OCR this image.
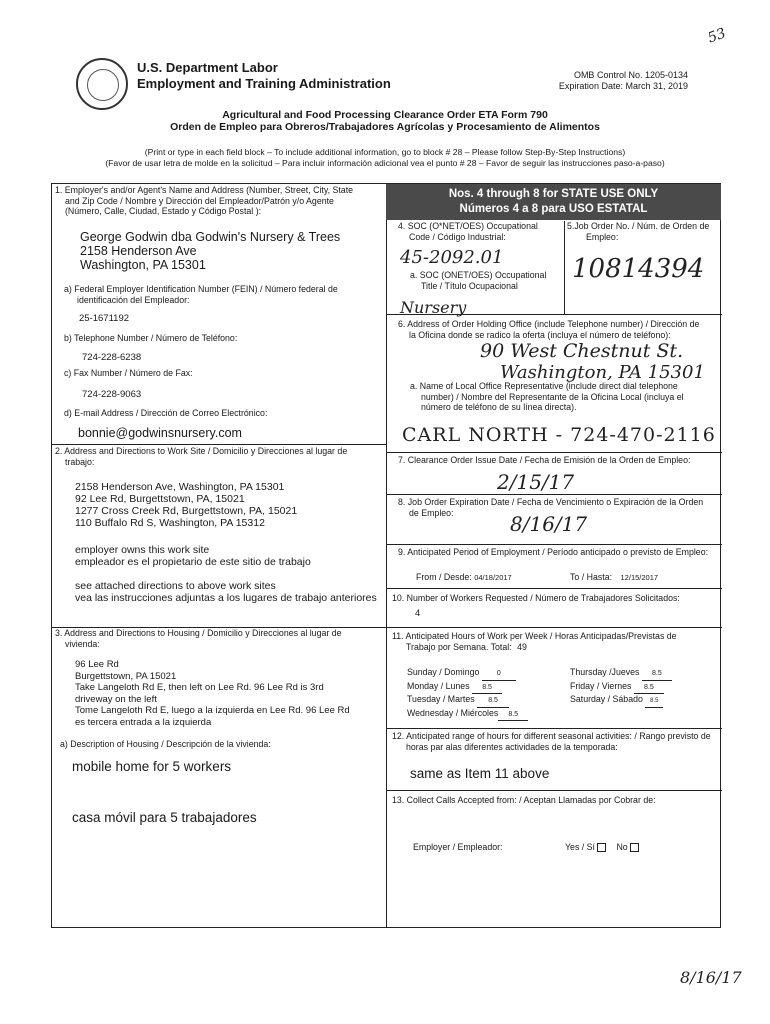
53
U.S. Department Labor
Employment and Training Administration
OMB Control No. 1205-0134
Expiration Date: March 31, 2019
Agricultural and Food Processing Clearance Order ETA Form 790
Orden de Empleo para Obreros/Trabajadores Agrícolas y Procesamiento de Alimentos
(Print or type in each field block – To include additional information, go to block # 28 – Please follow Step-By-Step Instructions)
(Favor de usar letra de molde en la solicitud – Para incluir información adicional vea el punto # 28 – Favor de seguir las instrucciones paso-a-paso)
1. Employer's and/or Agent's Name and Address (Number, Street, City, State
and Zip Code / Nombre y Dirección del Empleador/Patrón y/o Agente
(Número, Calle, Ciudad, Estado y Código Postal ):
George Godwin dba Godwin's Nursery & Trees
2158 Henderson Ave
Washington, PA 15301
a) Federal Employer Identification Number (FEIN) / Número federal de
identificación del Empleador:
25-1671192
b) Telephone Number / Número de Teléfono:
724-228-6238
c) Fax Number / Número de Fax:
724-228-9063
d) E-mail Address / Dirección de Correo Electrónico:
bonnie@godwinsnursery.com
2. Address and Directions to Work Site / Domicilio y Direcciones al lugar de
trabajo:
2158 Henderson Ave, Washington, PA 15301
92 Lee Rd, Burgettstown, PA, 15021
1277 Cross Creek Rd, Burgettstown, PA, 15021
110 Buffalo Rd S, Washington, PA 15312
employer owns this work site
empleador es el propietario de este sitio de trabajo
see attached directions to above work sites
vea las instrucciones adjuntas a los lugares de trabajo anteriores
3. Address and Directions to Housing / Domicilio y Direcciones al lugar de
vivienda:
96 Lee Rd
Burgettstown, PA 15021
Take Langeloth Rd E, then left on Lee Rd. 96 Lee Rd is 3rd
driveway on the left
Tome Langeloth Rd E, luego a la izquierda en Lee Rd. 96 Lee Rd
es tercera entrada a la izquierda
a) Description of Housing / Descripción de la vivienda:
mobile home for 5 workers
casa móvil para 5 trabajadores
Nos. 4 through 8 for STATE USE ONLY
Números 4 a 8 para USO ESTATAL
4. SOC (O*NET/OES) Occupational
Code / Código Industrial:
45-2092.01
a. SOC (ONET/OES) Occupational
Title / Título Ocupacional
Nursery
5.Job Order No. / Núm. de Orden de
Empleo:
10814394
6. Address of Order Holding Office (include Telephone number) / Dirección de
la Oficina donde se radico la oferta (incluya el número de teléfono):
90 West Chestnut St.
Washington, PA 15301
a. Name of Local Office Representative (include direct dial telephone
number) / Nombre del Representante de la Oficina Local (incluya el
número de teléfono de su línea directa).
CARL NORTH - 724-470-2116
7. Clearance Order Issue Date / Fecha de Emisión de la Orden de Empleo:
2/15/17
8. Job Order Expiration Date / Fecha de Vencimiento o Expiración de la Orden
de Empleo:	8/16/17
9. Anticipated Period of Employment / Período anticipado o previsto de Empleo:
From / Desde: 04/18/2017	To / Hasta: 12/15/2017
10. Number of Workers Requested / Número de Trabajadores Solicitados:
4
11. Anticipated Hours of Work per Week / Horas Anticipadas/Previstas de
Trabajo por Semana. Total: 49
Sunday / Domingo	0
Monday / Lunes 8.5
Tuesday / Martes 8.5
Wednesday / Miércoles 8.5
Thursday /Jueves 8.5
Friday / Viernes 8.5
Saturday / Sábado 8.5
12. Anticipated range of hours for different seasonal activities: / Rango previsto de
horas par alas diferentes actividades de la temporada:
same as Item 11 above
13. Collect Calls Accepted from: / Aceptan Llamadas por Cobrar de:
Employer / Empleador:	Yes / Sí No
8/16/17
